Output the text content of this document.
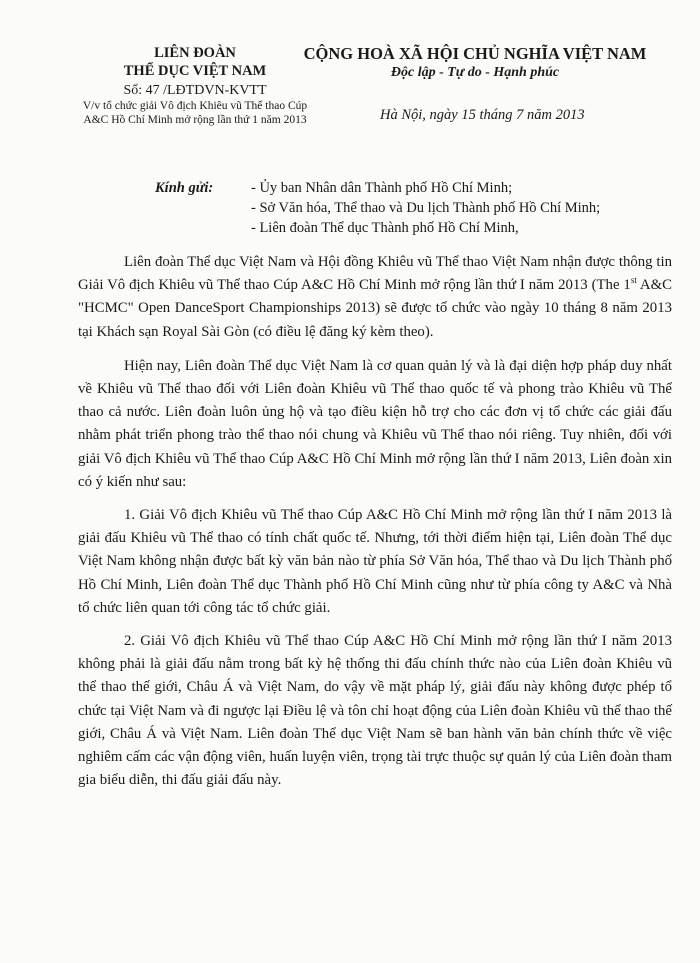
LIÊN ĐOÀN
THỂ DỤC VIỆT NAM
Số: 47 /LĐTDVN-KVTT
V/v tổ chức giải Vô địch Khiêu vũ Thể thao Cúp A&C Hồ Chí Minh mở rộng lần thứ 1 năm 2013
CỘNG HOÀ XÃ HỘI CHỦ NGHĨA VIỆT NAM
Độc lập - Tự do - Hạnh phúc
Hà Nội, ngày 15 tháng 7 năm 2013
Kính gửi:	- Ủy ban Nhân dân Thành phố Hồ Chí Minh;
- Sở Văn hóa, Thể thao và Du lịch Thành phố Hồ Chí Minh;
- Liên đoàn Thể dục Thành phố Hồ Chí Minh,

Liên đoàn Thể dục Việt Nam và Hội đồng Khiêu vũ Thể thao Việt Nam nhận được thông tin Giải Vô địch Khiêu vũ Thể thao Cúp A&C Hồ Chí Minh mở rộng lần thứ I năm 2013 (The 1st A&C "HCMC" Open DanceSport Championships 2013) sẽ được tổ chức vào ngày 10 tháng 8 năm 2013 tại Khách sạn Royal Sài Gòn (có điều lệ đăng ký kèm theo).

Hiện nay, Liên đoàn Thể dục Việt Nam là cơ quan quản lý và là đại diện hợp pháp duy nhất về Khiêu vũ Thể thao đối với Liên đoàn Khiêu vũ Thể thao quốc tế và phong trào Khiêu vũ Thể thao cả nước. Liên đoàn luôn ủng hộ và tạo điều kiện hỗ trợ cho các đơn vị tổ chức các giải đấu nhằm phát triển phong trào thể thao nói chung và Khiêu vũ Thể thao nói riêng. Tuy nhiên, đối với giải Vô địch Khiêu vũ Thể thao Cúp A&C Hồ Chí Minh mở rộng lần thứ I năm 2013, Liên đoàn xin có ý kiến như sau:

1. Giải Vô địch Khiêu vũ Thể thao Cúp A&C Hồ Chí Minh mở rộng lần thứ I năm 2013 là giải đấu Khiêu vũ Thể thao có tính chất quốc tế. Nhưng, tới thời điểm hiện tại, Liên đoàn Thể dục Việt Nam không nhận được bất kỳ văn bản nào từ phía Sở Văn hóa, Thể thao và Du lịch Thành phố Hồ Chí Minh, Liên đoàn Thể dục Thành phố Hồ Chí Minh cũng như từ phía công ty A&C và Nhà tổ chức liên quan tới công tác tổ chức giải.

2. Giải Vô địch Khiêu vũ Thể thao Cúp A&C Hồ Chí Minh mở rộng lần thứ I năm 2013 không phải là giải đấu nằm trong bất kỳ hệ thống thi đấu chính thức nào của Liên đoàn Khiêu vũ thể thao thế giới, Châu Á và Việt Nam, do vậy về mặt pháp lý, giải đấu này không được phép tổ chức tại Việt Nam và đi ngược lại Điều lệ và tôn chỉ hoạt động của Liên đoàn Khiêu vũ thể thao thế giới, Châu Á và Việt Nam. Liên đoàn Thể dục Việt Nam sẽ ban hành văn bản chính thức về việc nghiêm cấm các vận động viên, huấn luyện viên, trọng tài trực thuộc sự quản lý của Liên đoàn tham gia biểu diễn, thi đấu giải đấu này.
